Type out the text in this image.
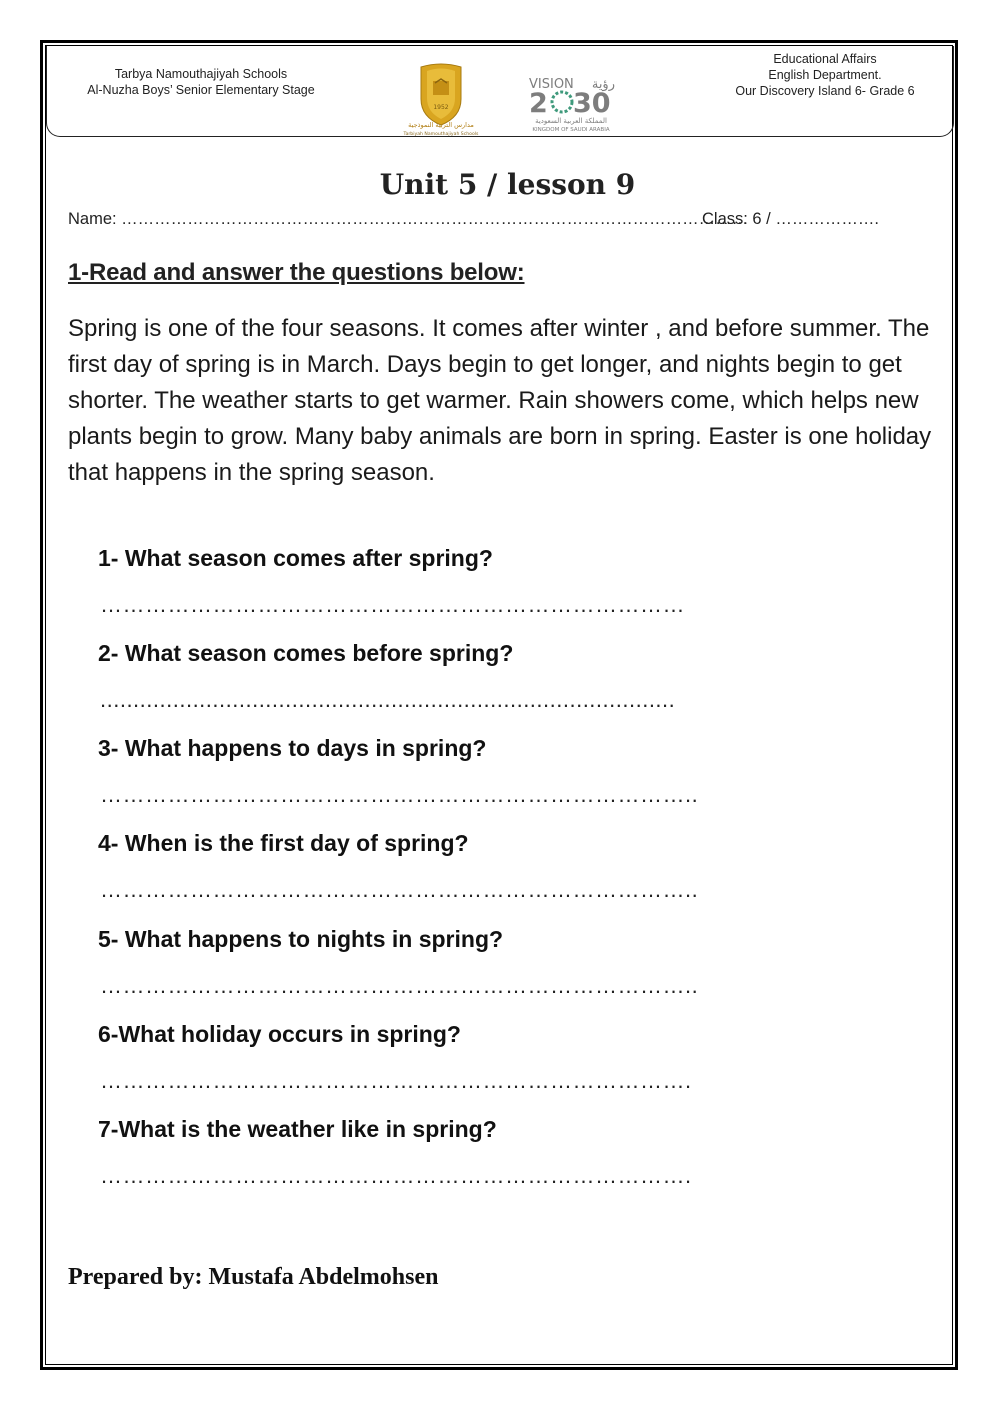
Tarbya Namouthajiyah Schools
Al-Nuzha Boys’ Senior Elementary Stage
1952
مدارس التربية النموذجية
Tarbiyah Namouthajiyah Schools
VISION رؤية
2 30
المملكة العربية السعودية
KINGDOM OF SAUDI ARABIA
Educational Affairs
English Department.
Our Discovery Island 6- Grade 6
Unit 5 / lesson 9
Name: ……………………………………………………………………………………………………
Class: 6 / ……………….
1-Read and answer the questions below:
Spring is one of the four seasons. It comes after winter , and before summer. The first day of spring is in March. Days begin to get longer, and nights begin to get shorter. The weather starts to get warmer. Rain showers come, which helps new plants begin to grow. Many baby animals are born in spring. Easter is one holiday that happens in the spring season.
1- What season comes after spring?
……………………………………………………………………
2- What season comes before spring?
.......................................................................................
3- What happens to days in spring?
……………………………………………………………………..
4- When is the first day of spring?
……………………………………………………………………..
5- What happens to nights in spring?
……………………………………………………………………..
6-What holiday occurs in spring?
…………………………………………………………………….
7-What is the weather like in spring?
…………………………………………………………………….
Prepared by: Mustafa Abdelmohsen
